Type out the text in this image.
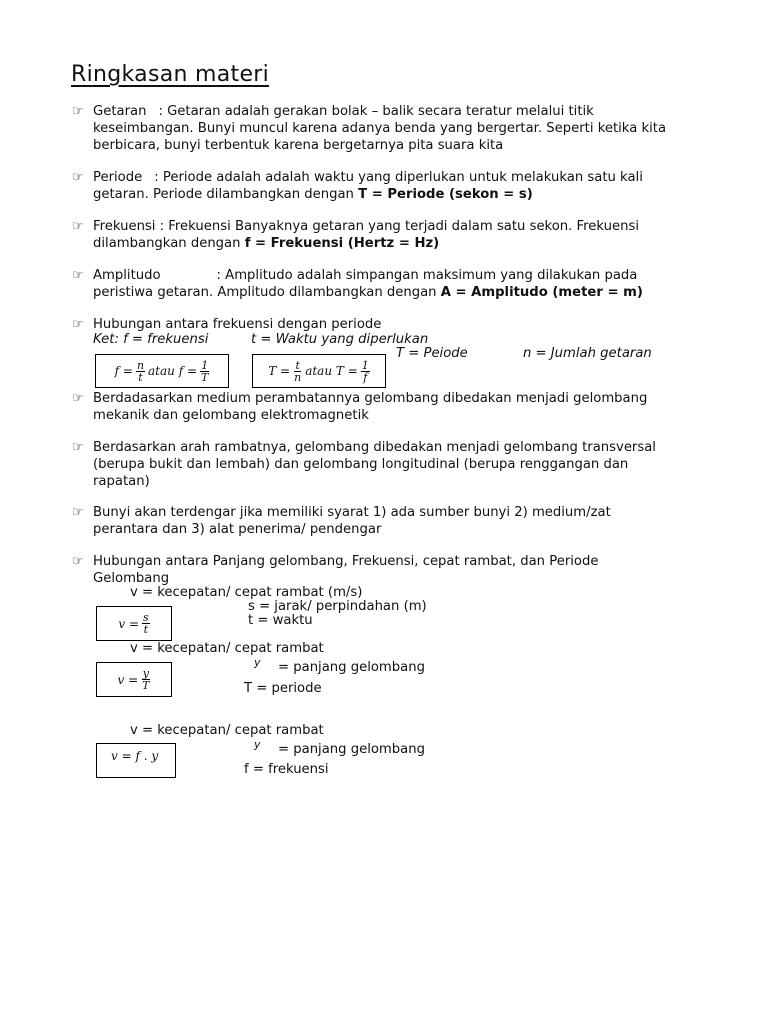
Ringkasan materi
☞ Getaran : Getaran adalah gerakan bolak – balik secara teratur melalui titik
keseimbangan. Bunyi muncul karena adanya benda yang bergertar. Seperti ketika kita
berbicara, bunyi terbentuk karena bergetarnya pita suara kita
☞ Periode : Periode adalah adalah waktu yang diperlukan untuk melakukan satu kali
getaran. Periode dilambangkan dengan T = Periode (sekon = s)
☞ Frekuensi : Frekuensi Banyaknya getaran yang terjadi dalam satu sekon. Frekuensi
dilambangkan dengan f = Frekuensi (Hertz = Hz)
☞ Amplitudo	: Amplitudo adalah simpangan maksimum yang dilakukan pada
peristiwa getaran. Amplitudo dilambangkan dengan A = Amplitudo (meter = m)
☞ Hubungan antara frekuensi dengan periode
Ket: f = frekuensi	t = Waktu yang diperlukan
T = Peiode	n = Jumlah getaran
$f = \frac{n}{t}$ atau $f = \frac{1}{T}$	$T = \frac{t}{n}$ atau $T = \frac{1}{f}$
☞ Berdadasarkan medium perambatannya gelombang dibedakan menjadi gelombang
mekanik dan gelombang elektromagnetik
☞ Berdasarkan arah rambatnya, gelombang dibedakan menjadi gelombang transversal
(berupa bukit dan lembah) dan gelombang longitudinal (berupa renggangan dan
rapatan)
☞ Bunyi akan terdengar jika memiliki syarat 1) ada sumber bunyi 2) medium/zat
perantara dan 3) alat penerima/ pendengar
☞ Hubungan antara Panjang gelombang, Frekuensi, cepat rambat, dan Periode
Gelombang
v = kecepatan/ cepat rambat (m/s)
s = jarak/ perpindahan (m)
t = waktu
$v = \frac{s}{t}$
v = kecepatan/ cepat rambat
y = panjang gelombang
T = periode
$v = \frac{y}{T}$
v = kecepatan/ cepat rambat
y = panjang gelombang
f = frekuensi
v = f . y
